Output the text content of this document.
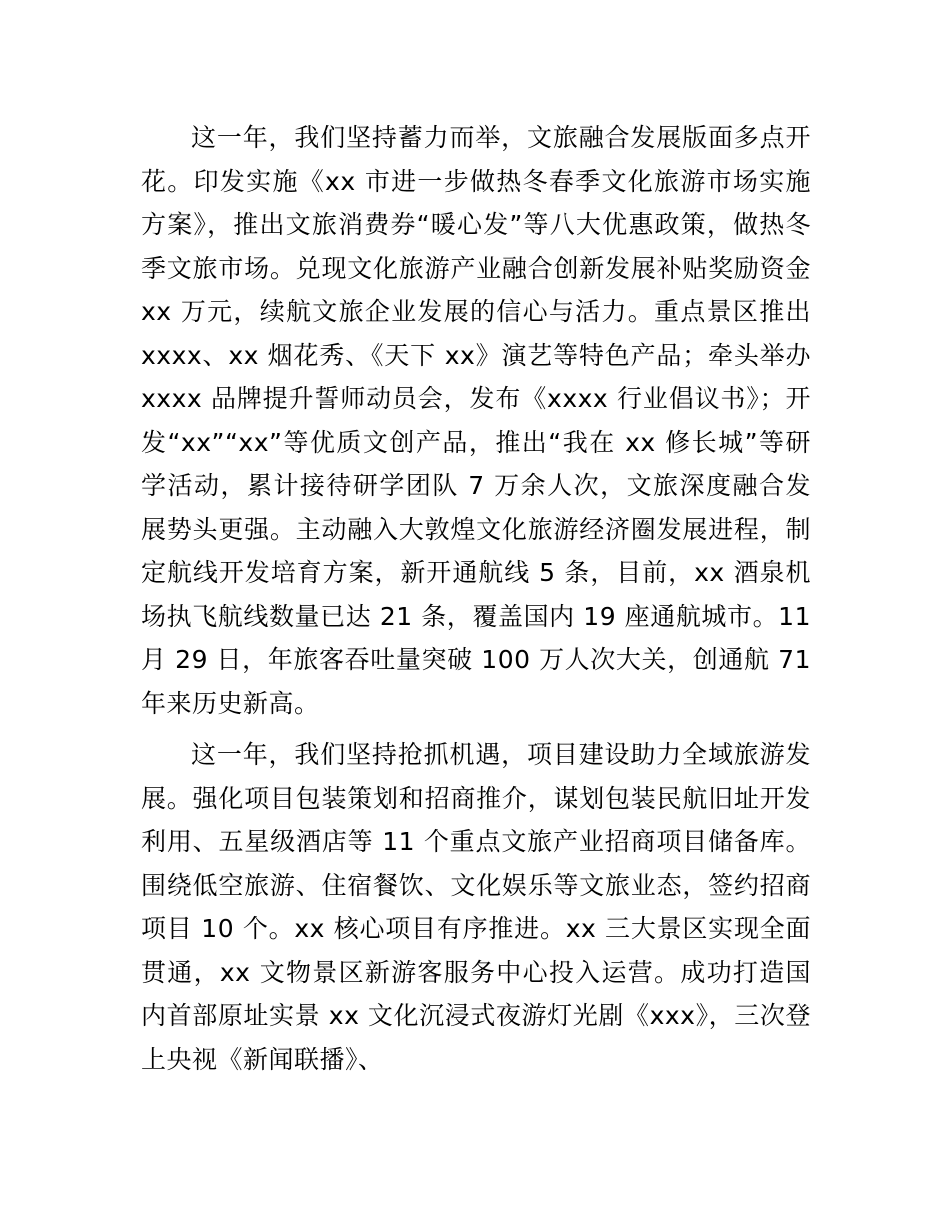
这一年，我们坚持蓄力而举，文旅融合发展版面多点开花。印发实施《xx 市进一步做热冬春季文化旅游市场实施方案》，推出文旅消费券“暖心发”等八大优惠政策，做热冬季文旅市场。兑现文化旅游产业融合创新发展补贴奖励资金 xx 万元，续航文旅企业发展的信心与活力。重点景区推出 xxxx、xx 烟花秀、《天下 xx》演艺等特色产品；牵头举办 xxxx 品牌提升誓师动员会，发布《xxxx 行业倡议书》；开发“xx”“xx”等优质文创产品，推出“我在 xx 修长城”等研学活动，累计接待研学团队 7 万余人次，文旅深度融合发展势头更强。主动融入大敦煌文化旅游经济圈发展进程，制定航线开发培育方案，新开通航线 5 条，目前，xx 酒泉机场执飞航线数量已达 21 条，覆盖国内 19 座通航城市。11 月 29 日，年旅客吞吐量突破 100 万人次大关，创通航 71 年来历史新高。

这一年，我们坚持抢抓机遇，项目建设助力全域旅游发展。强化项目包装策划和招商推介，谋划包装民航旧址开发利用、五星级酒店等 11 个重点文旅产业招商项目储备库。围绕低空旅游、住宿餐饮、文化娱乐等文旅业态，签约招商项目 10 个。xx 核心项目有序推进。xx 三大景区实现全面贯通，xx 文物景区新游客服务中心投入运营。成功打造国内首部原址实景 xx 文化沉浸式夜游灯光剧《xxx》，三次登上央视《新闻联播》、
